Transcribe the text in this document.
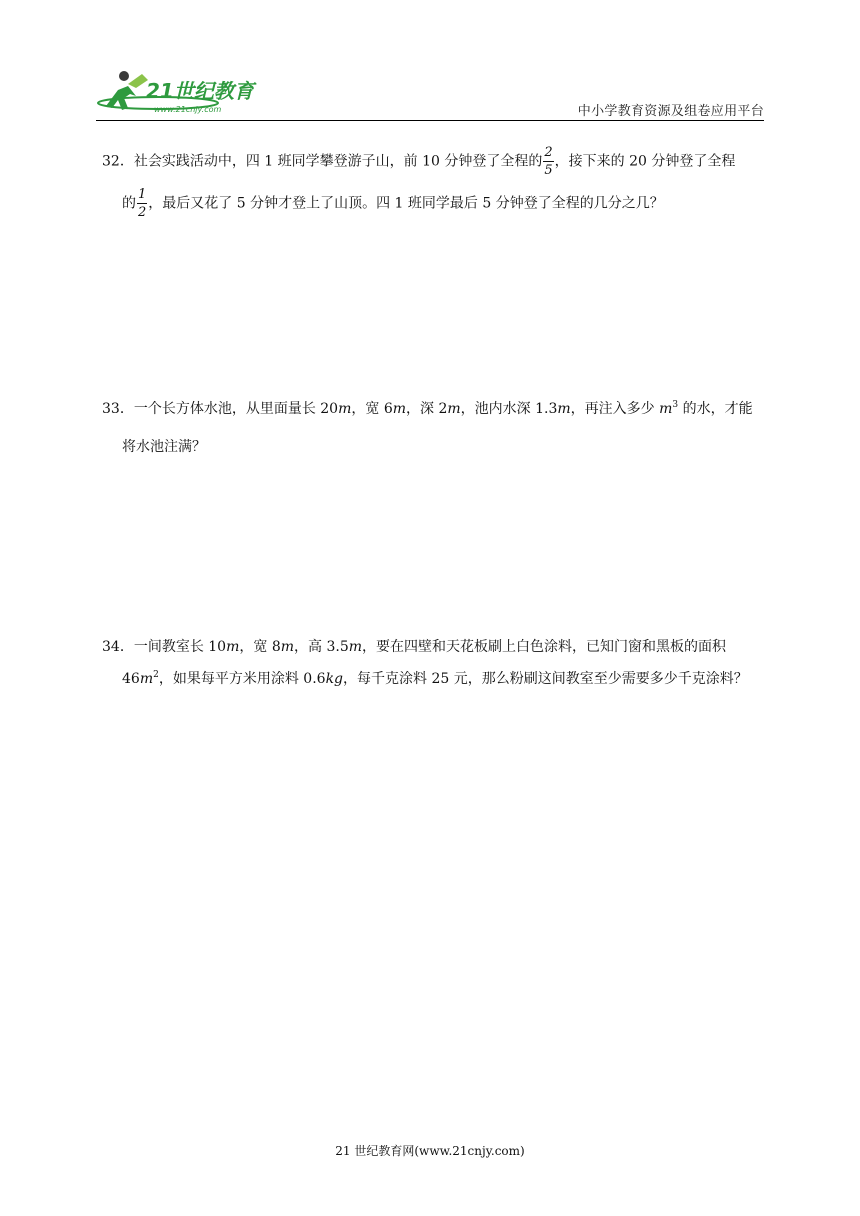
21世纪教育
www.21cnjy.com	中小学教育资源及组卷应用平台
32．社会实践活动中，四 1 班同学攀登游子山，前 10 分钟登了全程的 $\frac{2}{5}$ ，接下来的 20 分钟登了全程
的 $\frac{1}{2}$ ，最后又花了 5 分钟才登上了山顶。四 1 班同学最后 5 分钟登了全程的几分之几？
33．一个长方体水池，从里面量长 20m，宽 6m，深 2m，池内水深 1.3m，再注入多少 $m^3$ 的水，才能
将水池注满？
34．一间教室长 10m，宽 8m，高 3.5m，要在四壁和天花板刷上白色涂料，已知门窗和黑板的面积
$46m^2$，如果每平方米用涂料 0.6kg，每千克涂料 25 元，那么粉刷这间教室至少需要多少千克涂料？
21 世纪教育网(www.21cnjy.com)
